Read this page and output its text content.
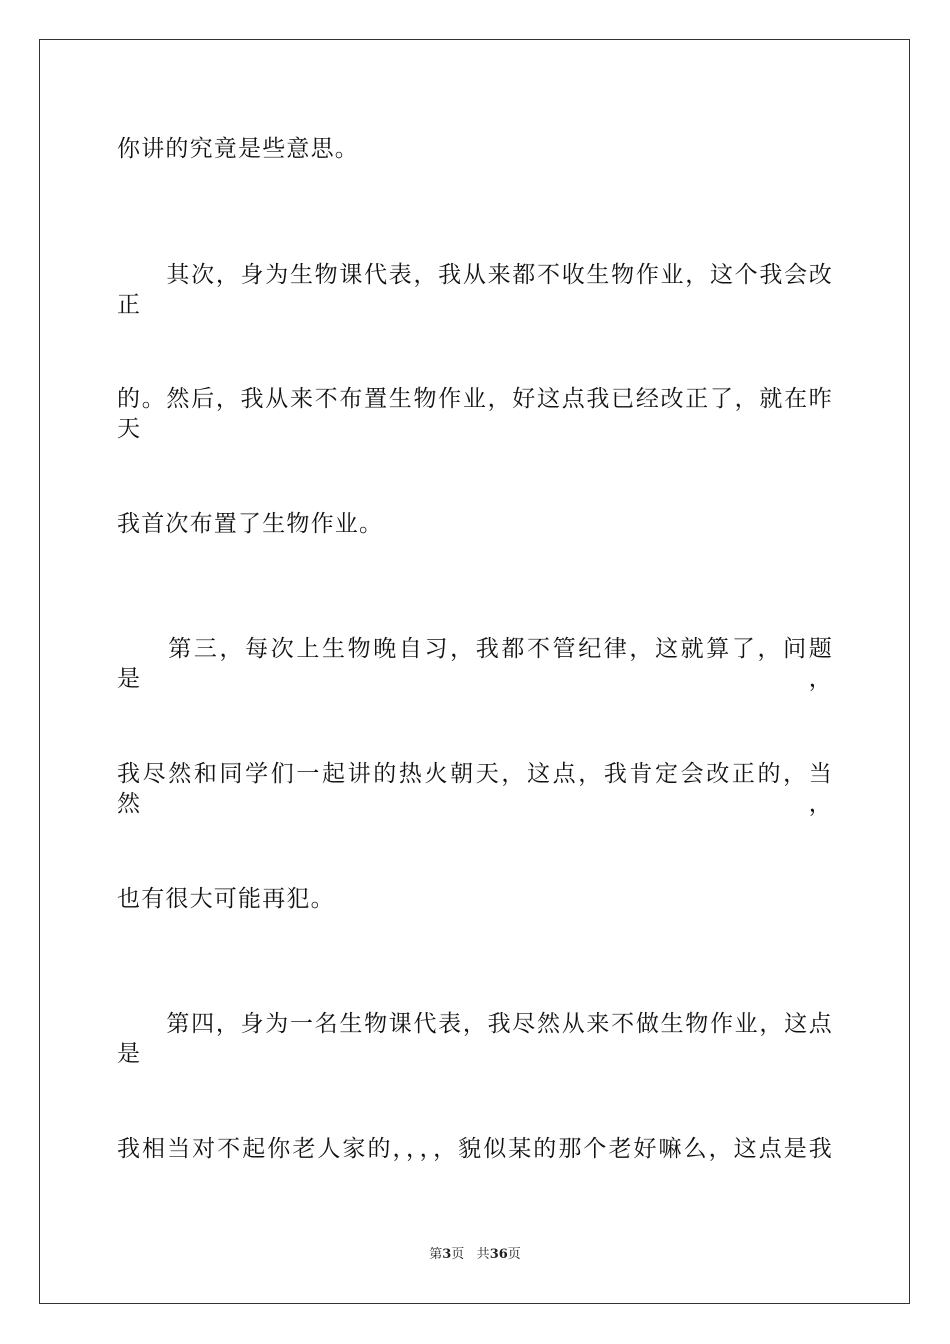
你讲的究竟是些意思。
　　其次，身为生物课代表，我从来都不收生物作业，这个我会改正
的。然后，我从来不布置生物作业，好这点我已经改正了，就在昨天
我首次布置了生物作业。
　　第三，每次上生物晚自习，我都不管纪律，这就算了，问题是，
我尽然和同学们一起讲的热火朝天，这点，我肯定会改正的，当然，
也有很大可能再犯。
　　第四，身为一名生物课代表，我尽然从来不做生物作业，这点是
我相当对不起你老人家的，，，，貌似某的那个老好嘛么，这点是我
第3页 共36页
